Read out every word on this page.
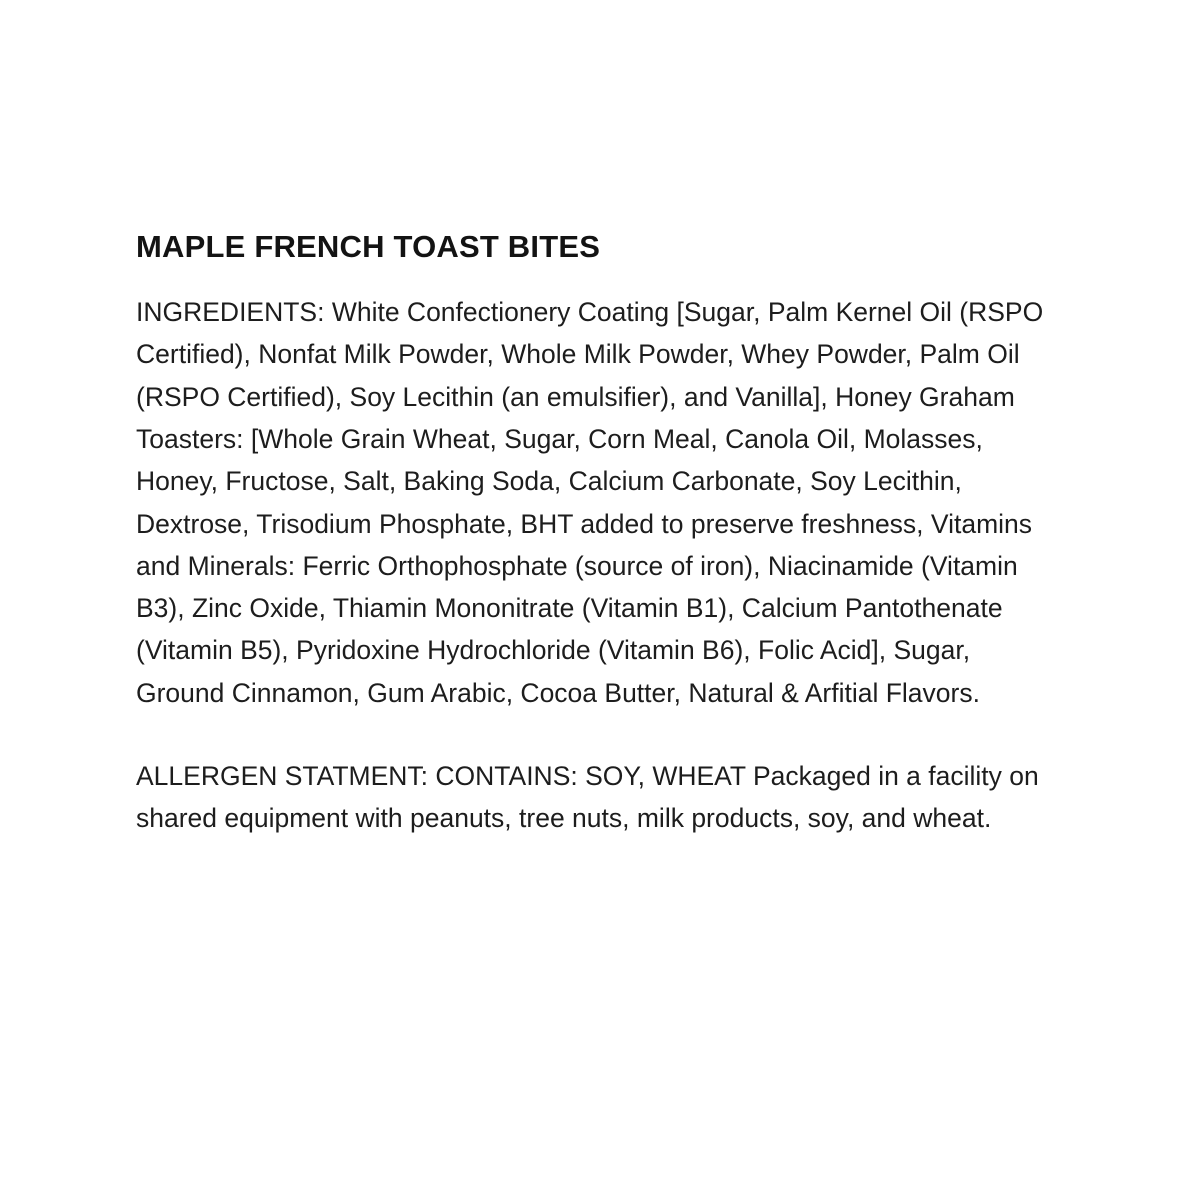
MAPLE FRENCH TOAST BITES

INGREDIENTS: White Confectionery Coating [Sugar, Palm Kernel Oil (RSPO Certified), Nonfat Milk Powder, Whole Milk Powder, Whey Powder, Palm Oil (RSPO Certified), Soy Lecithin (an emulsifier), and Vanilla], Honey Graham Toasters: [Whole Grain Wheat, Sugar, Corn Meal, Canola Oil, Molasses, Honey, Fructose, Salt, Baking Soda, Calcium Carbonate, Soy Lecithin, Dextrose, Trisodium Phosphate, BHT added to preserve freshness, Vitamins and Minerals: Ferric Orthophosphate (source of iron), Niacinamide (Vitamin B3), Zinc Oxide, Thiamin Mononitrate (Vitamin B1), Calcium Pantothenate (Vitamin B5), Pyridoxine Hydrochloride (Vitamin B6), Folic Acid], Sugar, Ground Cinnamon, Gum Arabic, Cocoa Butter, Natural & Arfitial Flavors.

ALLERGEN STATMENT: CONTAINS: SOY, WHEAT Packaged in a facility on shared equipment with peanuts, tree nuts, milk products, soy, and wheat.
